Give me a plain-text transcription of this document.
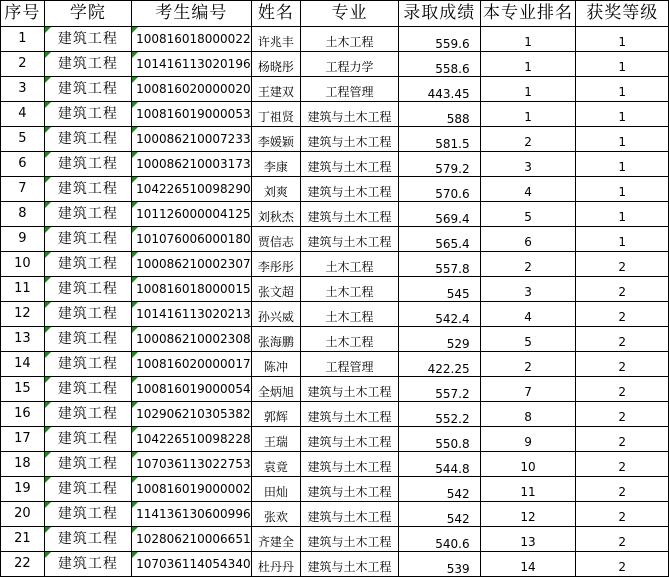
序号	学院	考生编号	姓名	专业	录取成绩	本专业排名	获奖等级
1	建筑工程	100816018000022	许兆丰	土木工程	559.6	1	1
2	建筑工程	101416113020196	杨晓彤	工程力学	558.6	1	1
3	建筑工程	100816020000020	王建双	工程管理	443.45	1	1
4	建筑工程	100816019000053	丁祖贤	建筑与土木工程	588	1	1
5	建筑工程	100086210007233	李媛颖	建筑与土木工程	581.5	2	1
6	建筑工程	100086210003173	李康	建筑与土木工程	579.2	3	1
7	建筑工程	104226510098290	刘爽	建筑与土木工程	570.6	4	1
8	建筑工程	101126000004125	刘秋杰	建筑与土木工程	569.4	5	1
9	建筑工程	101076006000180	贾信志	建筑与土木工程	565.4	6	1
10	建筑工程	100086210002307	李彤彤	土木工程	557.8	2	2
11	建筑工程	100816018000015	张文超	土木工程	545	3	2
12	建筑工程	101416113020213	孙兴威	土木工程	542.4	4	2
13	建筑工程	100086210002308	张海鹏	土木工程	529	5	2
14	建筑工程	100816020000017	陈冲	工程管理	422.25	2	2
15	建筑工程	100816019000054	全炳旭	建筑与土木工程	557.2	7	2
16	建筑工程	102906210305382	郭辉	建筑与土木工程	552.2	8	2
17	建筑工程	104226510098228	王瑞	建筑与土木工程	550.8	9	2
18	建筑工程	107036113022753	袁竟	建筑与土木工程	544.8	10	2
19	建筑工程	100816019000002	田灿	建筑与土木工程	542	11	2
20	建筑工程	114136130600996	张欢	建筑与土木工程	542	12	2
21	建筑工程	102806210006651	齐建全	建筑与土木工程	540.6	13	2
22	建筑工程	107036114054340	杜丹丹	建筑与土木工程	539	14	2
